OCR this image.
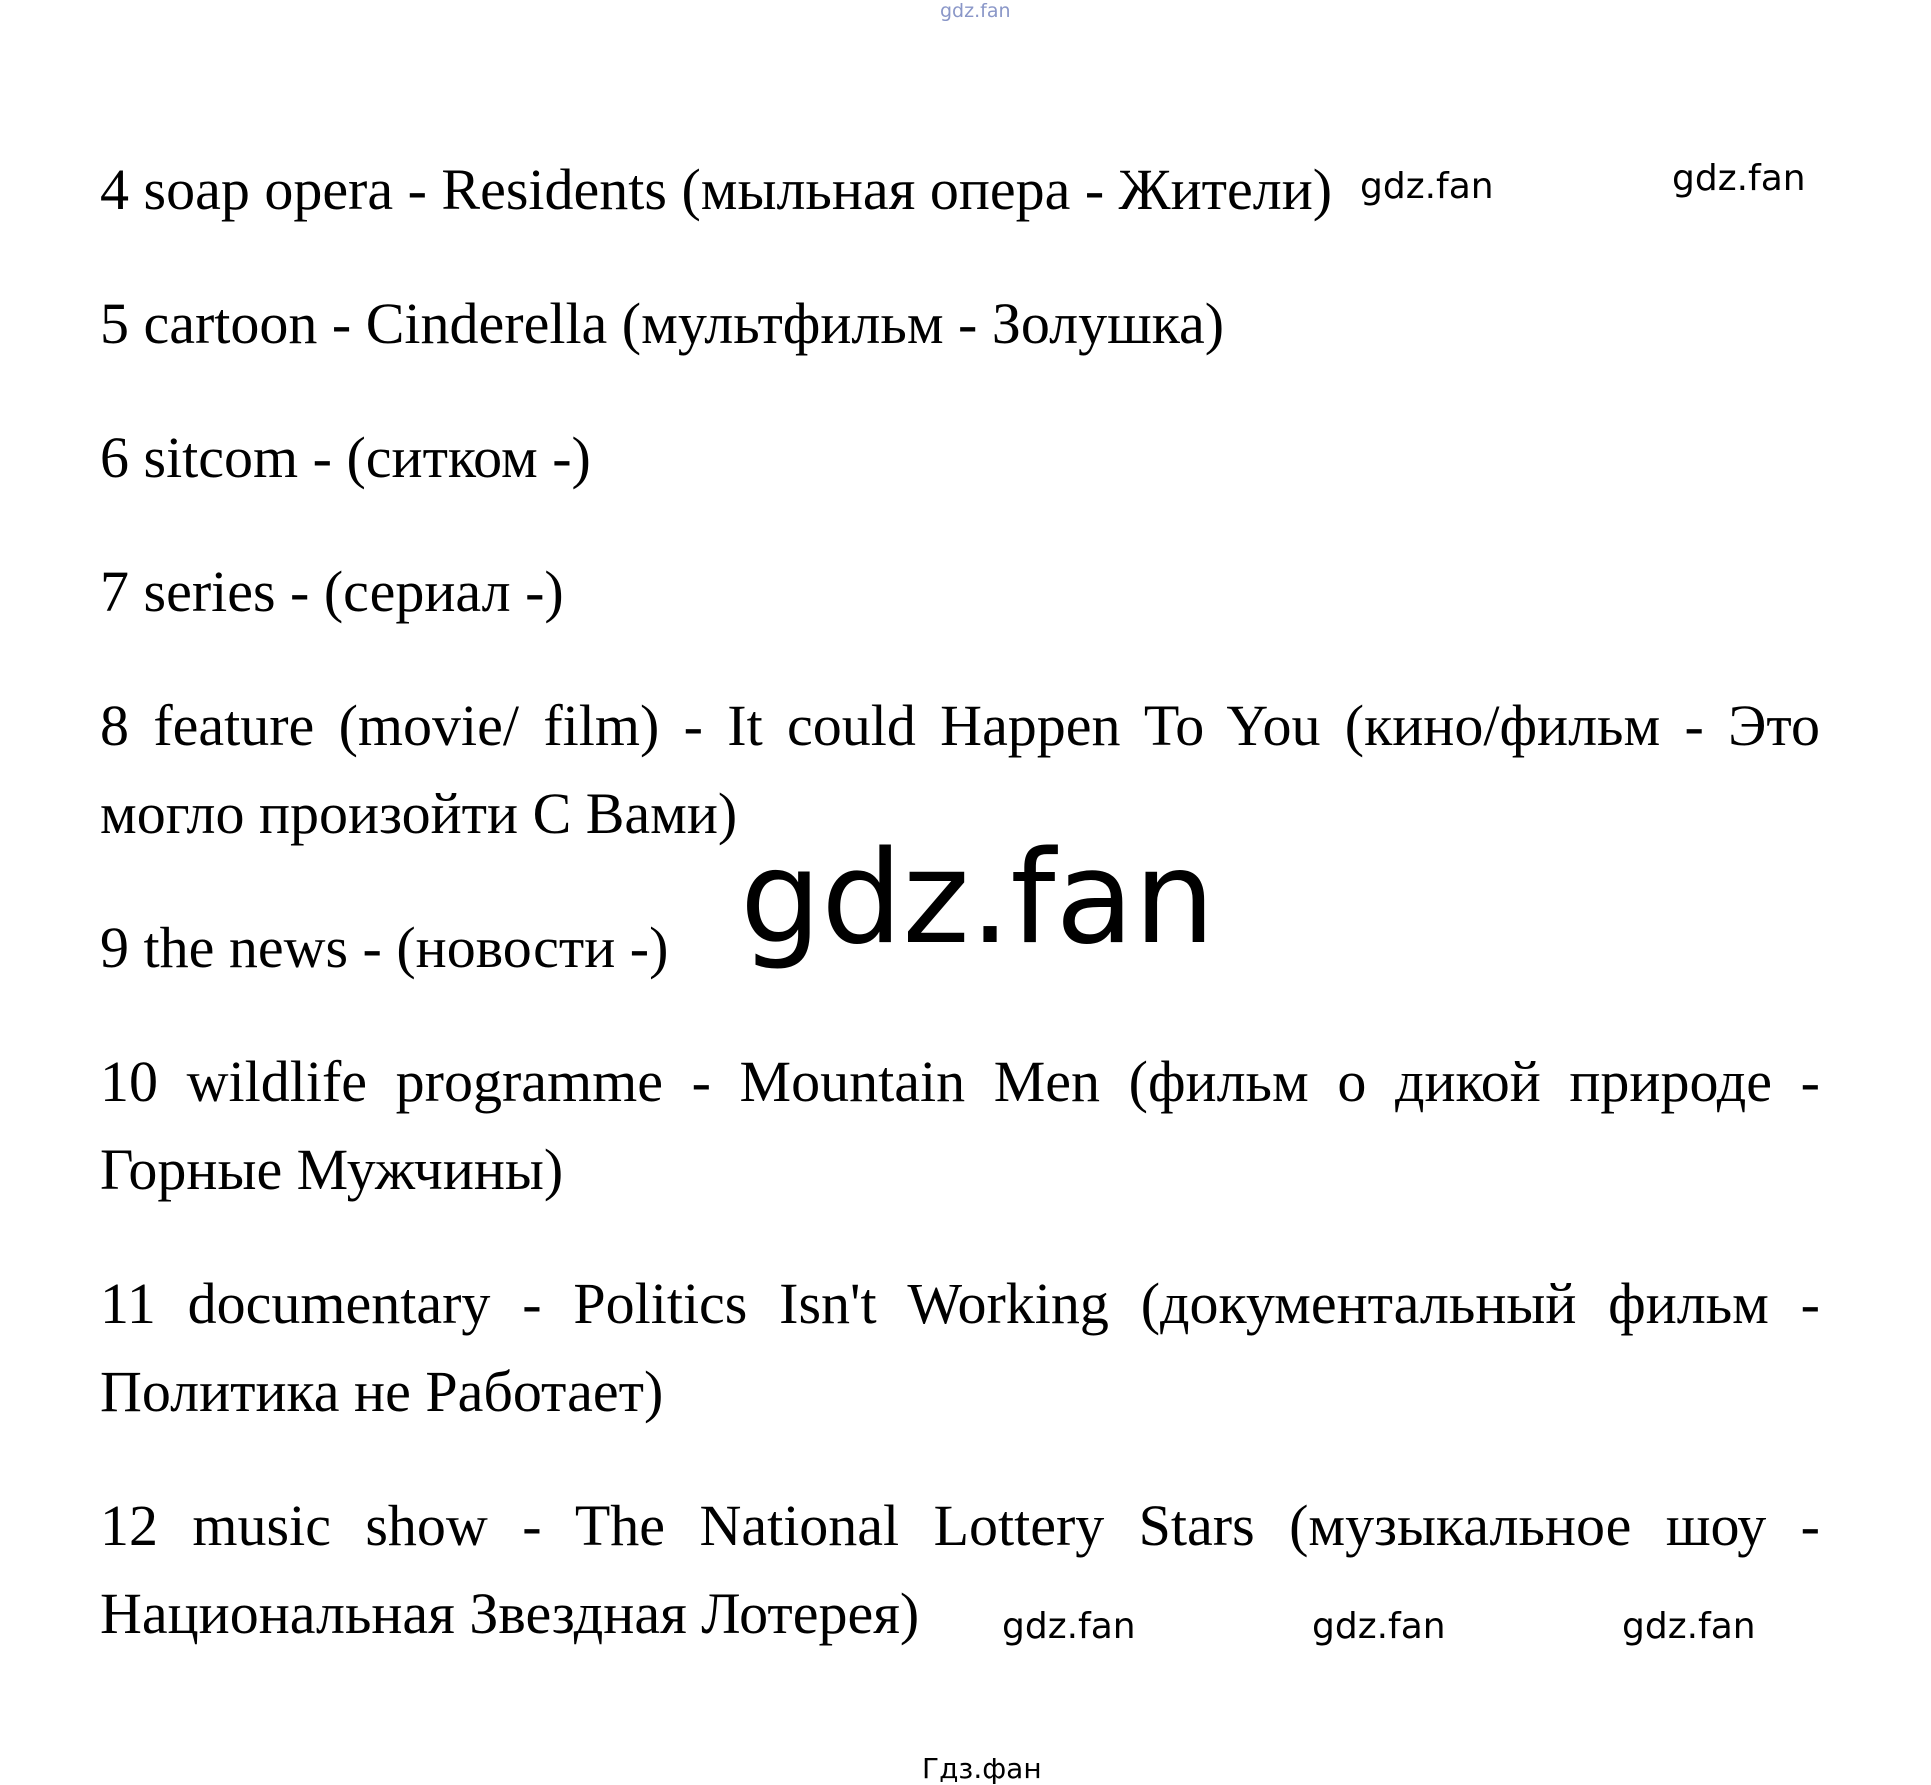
gdz.fan
4 soap opera - Residents (мыльная опера - Жители)
5 cartoon - Cinderella (мультфильм - Золушка)
6 sitcom - (ситком -)
7 series - (сериал -)
8 feature (movie/ film) - It could Happen To You (кино/фильм - Это могло произойти С Вами)
9 the news - (новости -)
10 wildlife programme - Mountain Men (фильм о дикой природе - Горные Мужчины)
11 documentary - Politics Isn't Working (документальный фильм - Политика не Работает)
12 music show - The National Lottery Stars (музыкальное шоу - Национальная Звездная Лотерея)
gdz.fan	gdz.fan
gdz.fan
gdz.fan	gdz.fan	gdz.fan
Гдз.фан
